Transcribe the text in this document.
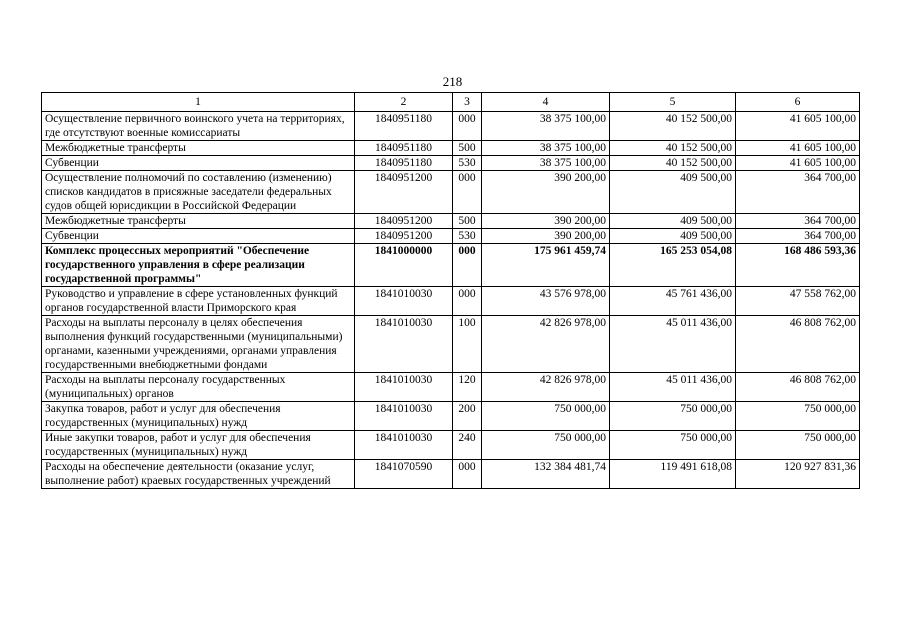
218
1	2	3	4	5	6
Осуществление первичного воинского учета на территориях, где отсутствуют военные комиссариаты	1840951180	000	38 375 100,00	40 152 500,00	41 605 100,00
Межбюджетные трансферты	1840951180	500	38 375 100,00	40 152 500,00	41 605 100,00
Субвенции	1840951180	530	38 375 100,00	40 152 500,00	41 605 100,00
Осуществление полномочий по составлению (изменению) списков кандидатов в присяжные заседатели федеральных судов общей юрисдикции в Российской Федерации	1840951200	000	390 200,00	409 500,00	364 700,00
Межбюджетные трансферты	1840951200	500	390 200,00	409 500,00	364 700,00
Субвенции	1840951200	530	390 200,00	409 500,00	364 700,00
Комплекс процессных мероприятий "Обеспечение государственного управления в сфере реализации государственной программы"	1841000000	000	175 961 459,74	165 253 054,08	168 486 593,36
Руководство и управление в сфере установленных функций органов государственной власти Приморского края	1841010030	000	43 576 978,00	45 761 436,00	47 558 762,00
Расходы на выплаты персоналу в целях обеспечения выполнения функций государственными (муниципальными) органами, казенными учреждениями, органами управления государственными внебюджетными фондами	1841010030	100	42 826 978,00	45 011 436,00	46 808 762,00
Расходы на выплаты персоналу государственных (муниципальных) органов	1841010030	120	42 826 978,00	45 011 436,00	46 808 762,00
Закупка товаров, работ и услуг для обеспечения государственных (муниципальных) нужд	1841010030	200	750 000,00	750 000,00	750 000,00
Иные закупки товаров, работ и услуг для обеспечения государственных (муниципальных) нужд	1841010030	240	750 000,00	750 000,00	750 000,00
Расходы на обеспечение деятельности (оказание услуг, выполнение работ) краевых государственных учреждений	1841070590	000	132 384 481,74	119 491 618,08	120 927 831,36
